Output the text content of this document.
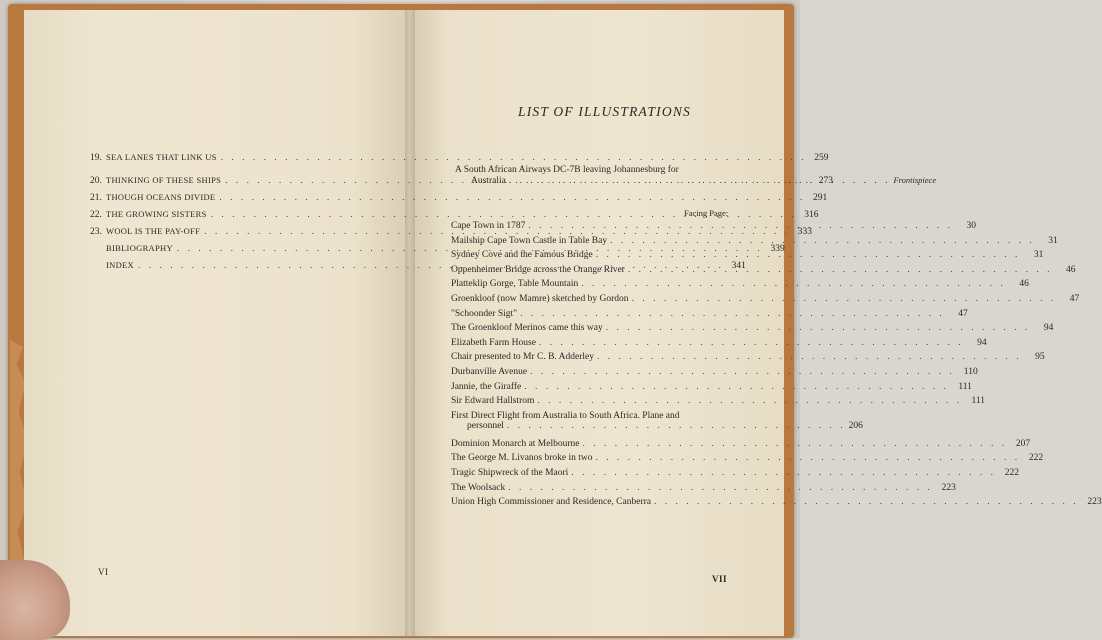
19. SEA LANES THAT LINK US . . .	259
20. THINKING OF THESE SHIPS . . .	273
21. THOUGH OCEANS DIVIDE . . .	291
22. THE GROWING SISTERS . . .	316
23. WOOL IS THE PAY-OFF . . .	333
BIBLIOGRAPHY . . .	339
INDEX . . .	341
VI
LIST OF ILLUSTRATIONS
A South African Airways DC-7B leaving Johannesburg for
Australia . . .	Frontispiece
Facing Page:
Cape Town in 1787 . . .	30
Mailship Cape Town Castle in Table Bay . . .	31
Sydney Cove and the Famous Bridge . . .	31
Oppenheimer Bridge across the Orange River . . .	46
Platteklip Gorge, Table Mountain . . .	46
Groenkloof (now Mamre) sketched by Gordon . . .	47
"Schoonder Sigt" . . .	47
The Groenkloof Merinos came this way . . .	94
Elizabeth Farm House . . .	94
Chair presented to Mr C. B. Adderley . . .	95
Durbanville Avenue . . .	110
Jannie, the Giraffe . . .	111
Sir Edward Hallstrom . . .	111
First Direct Flight from Australia to South Africa. Plane and
personnel . . . . . . . . . . . . . . . . . . . . . . . . . . . . . . . . 206
Dominion Monarch at Melbourne . . .	207
The George M. Livanos broke in two . . .	222
Tragic Shipwreck of the Maori . . .	222
The Woolsack . . .	223
Union High Commissioner and Residence, Canberra . . .	223
VII
